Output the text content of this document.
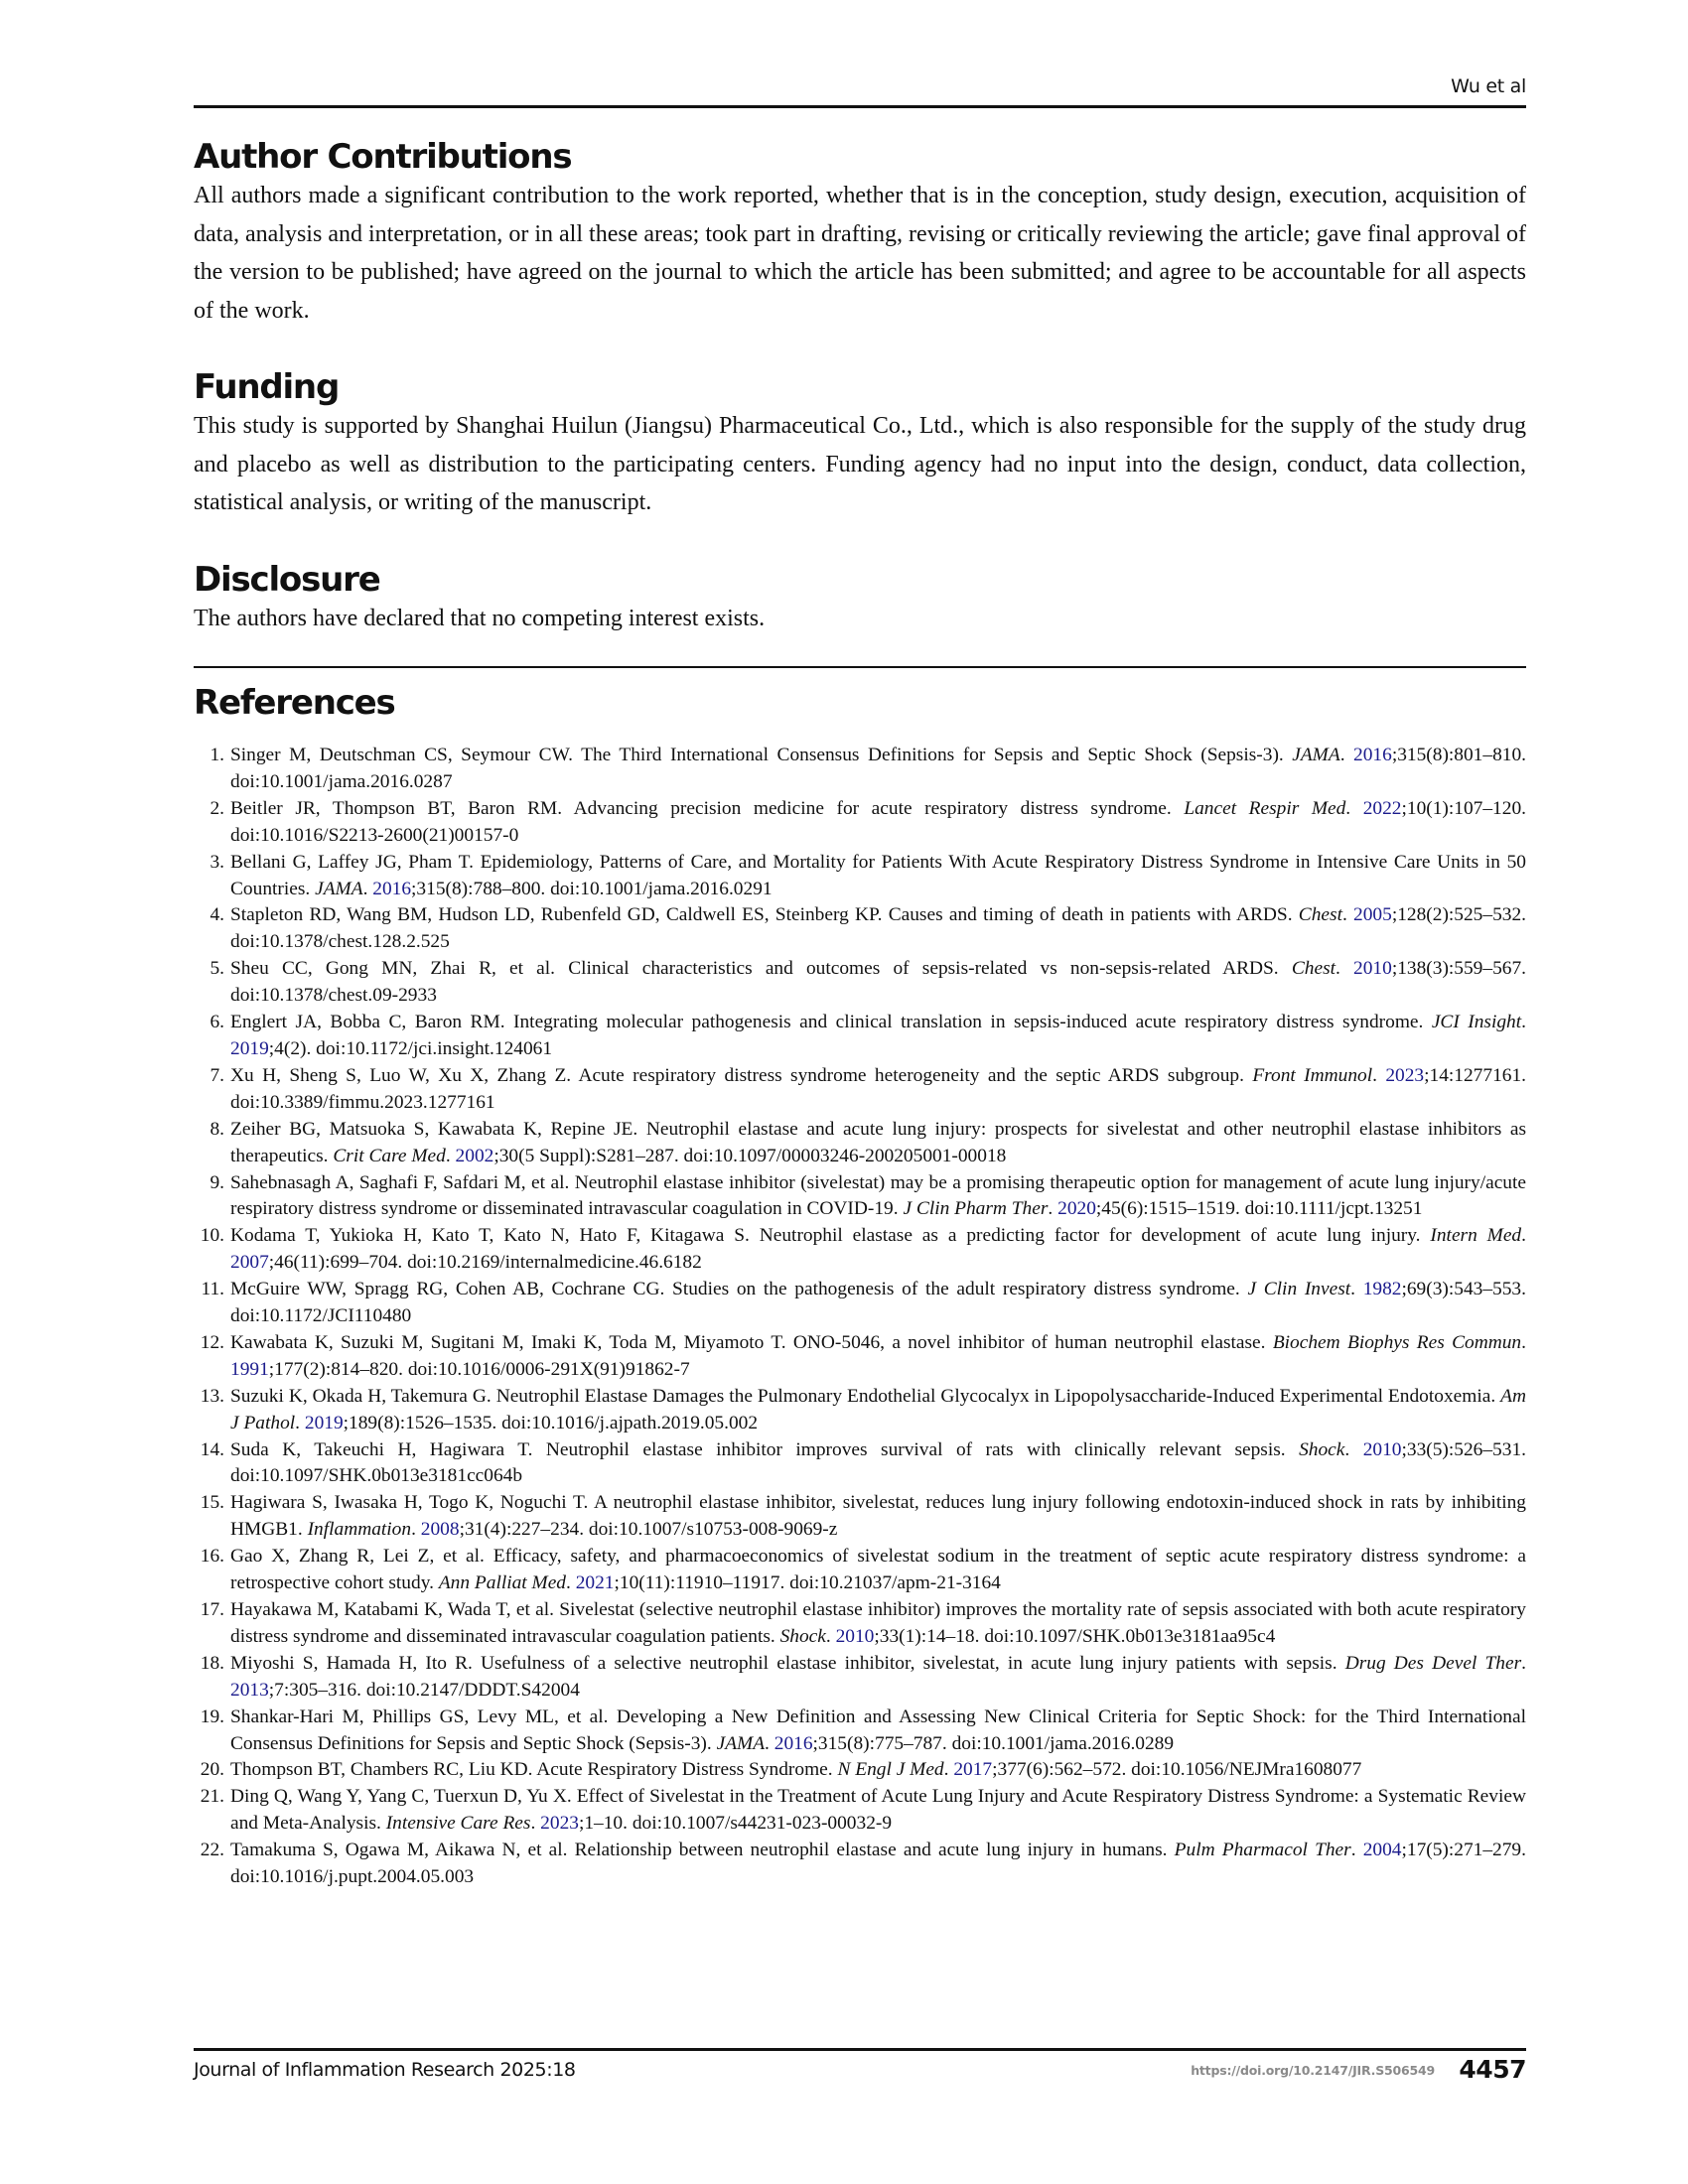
Wu et al
Author Contributions

All authors made a significant contribution to the work reported, whether that is in the conception, study design, execution, acquisition of data, analysis and interpretation, or in all these areas; took part in drafting, revising or critically reviewing the article; gave final approval of the version to be published; have agreed on the journal to which the article has been submitted; and agree to be accountable for all aspects of the work.

Funding

This study is supported by Shanghai Huilun (Jiangsu) Pharmaceutical Co., Ltd., which is also responsible for the supply of the study drug and placebo as well as distribution to the participating centers. Funding agency had no input into the design, conduct, data collection, statistical analysis, or writing of the manuscript.

Disclosure

The authors have declared that no competing interest exists.

References
1. Singer M, Deutschman CS, Seymour CW. The Third International Consensus Definitions for Sepsis and Septic Shock (Sepsis-3). JAMA. 2016;315(8):801–810. doi:10.1001/jama.2016.0287
2. Beitler JR, Thompson BT, Baron RM. Advancing precision medicine for acute respiratory distress syndrome. Lancet Respir Med. 2022;10(1):107–120. doi:10.1016/S2213-2600(21)00157-0
3. Bellani G, Laffey JG, Pham T. Epidemiology, Patterns of Care, and Mortality for Patients With Acute Respiratory Distress Syndrome in Intensive Care Units in 50 Countries. JAMA. 2016;315(8):788–800. doi:10.1001/jama.2016.0291
4. Stapleton RD, Wang BM, Hudson LD, Rubenfeld GD, Caldwell ES, Steinberg KP. Causes and timing of death in patients with ARDS. Chest. 2005;128(2):525–532. doi:10.1378/chest.128.2.525
5. Sheu CC, Gong MN, Zhai R, et al. Clinical characteristics and outcomes of sepsis-related vs non-sepsis-related ARDS. Chest. 2010;138(3):559–567. doi:10.1378/chest.09-2933
6. Englert JA, Bobba C, Baron RM. Integrating molecular pathogenesis and clinical translation in sepsis-induced acute respiratory distress syndrome. JCI Insight. 2019;4(2). doi:10.1172/jci.insight.124061
7. Xu H, Sheng S, Luo W, Xu X, Zhang Z. Acute respiratory distress syndrome heterogeneity and the septic ARDS subgroup. Front Immunol. 2023;14:1277161. doi:10.3389/fimmu.2023.1277161
8. Zeiher BG, Matsuoka S, Kawabata K, Repine JE. Neutrophil elastase and acute lung injury: prospects for sivelestat and other neutrophil elastase inhibitors as therapeutics. Crit Care Med. 2002;30(5 Suppl):S281–287. doi:10.1097/00003246-200205001-00018
9. Sahebnasagh A, Saghafi F, Safdari M, et al. Neutrophil elastase inhibitor (sivelestat) may be a promising therapeutic option for management of acute lung injury/acute respiratory distress syndrome or disseminated intravascular coagulation in COVID-19. J Clin Pharm Ther. 2020;45(6):1515–1519. doi:10.1111/jcpt.13251
10. Kodama T, Yukioka H, Kato T, Kato N, Hato F, Kitagawa S. Neutrophil elastase as a predicting factor for development of acute lung injury. Intern Med. 2007;46(11):699–704. doi:10.2169/internalmedicine.46.6182
11. McGuire WW, Spragg RG, Cohen AB, Cochrane CG. Studies on the pathogenesis of the adult respiratory distress syndrome. J Clin Invest. 1982;69(3):543–553. doi:10.1172/JCI110480
12. Kawabata K, Suzuki M, Sugitani M, Imaki K, Toda M, Miyamoto T. ONO-5046, a novel inhibitor of human neutrophil elastase. Biochem Biophys Res Commun. 1991;177(2):814–820. doi:10.1016/0006-291X(91)91862-7
13. Suzuki K, Okada H, Takemura G. Neutrophil Elastase Damages the Pulmonary Endothelial Glycocalyx in Lipopolysaccharide-Induced Experimental Endotoxemia. Am J Pathol. 2019;189(8):1526–1535. doi:10.1016/j.ajpath.2019.05.002
14. Suda K, Takeuchi H, Hagiwara T. Neutrophil elastase inhibitor improves survival of rats with clinically relevant sepsis. Shock. 2010;33(5):526–531. doi:10.1097/SHK.0b013e3181cc064b
15. Hagiwara S, Iwasaka H, Togo K, Noguchi T. A neutrophil elastase inhibitor, sivelestat, reduces lung injury following endotoxin-induced shock in rats by inhibiting HMGB1. Inflammation. 2008;31(4):227–234. doi:10.1007/s10753-008-9069-z
16. Gao X, Zhang R, Lei Z, et al. Efficacy, safety, and pharmacoeconomics of sivelestat sodium in the treatment of septic acute respiratory distress syndrome: a retrospective cohort study. Ann Palliat Med. 2021;10(11):11910–11917. doi:10.21037/apm-21-3164
17. Hayakawa M, Katabami K, Wada T, et al. Sivelestat (selective neutrophil elastase inhibitor) improves the mortality rate of sepsis associated with both acute respiratory distress syndrome and disseminated intravascular coagulation patients. Shock. 2010;33(1):14–18. doi:10.1097/SHK.0b013e3181aa95c4
18. Miyoshi S, Hamada H, Ito R. Usefulness of a selective neutrophil elastase inhibitor, sivelestat, in acute lung injury patients with sepsis. Drug Des Devel Ther. 2013;7:305–316. doi:10.2147/DDDT.S42004
19. Shankar-Hari M, Phillips GS, Levy ML, et al. Developing a New Definition and Assessing New Clinical Criteria for Septic Shock: for the Third International Consensus Definitions for Sepsis and Septic Shock (Sepsis-3). JAMA. 2016;315(8):775–787. doi:10.1001/jama.2016.0289
20. Thompson BT, Chambers RC, Liu KD. Acute Respiratory Distress Syndrome. N Engl J Med. 2017;377(6):562–572. doi:10.1056/NEJMra1608077
21. Ding Q, Wang Y, Yang C, Tuerxun D, Yu X. Effect of Sivelestat in the Treatment of Acute Lung Injury and Acute Respiratory Distress Syndrome: a Systematic Review and Meta-Analysis. Intensive Care Res. 2023;1–10. doi:10.1007/s44231-023-00032-9
22. Tamakuma S, Ogawa M, Aikawa N, et al. Relationship between neutrophil elastase and acute lung injury in humans. Pulm Pharmacol Ther. 2004;17(5):271–279. doi:10.1016/j.pupt.2004.05.003
Journal of Inflammation Research 2025:18	https://doi.org/10.2147/JIR.S506549 4457
